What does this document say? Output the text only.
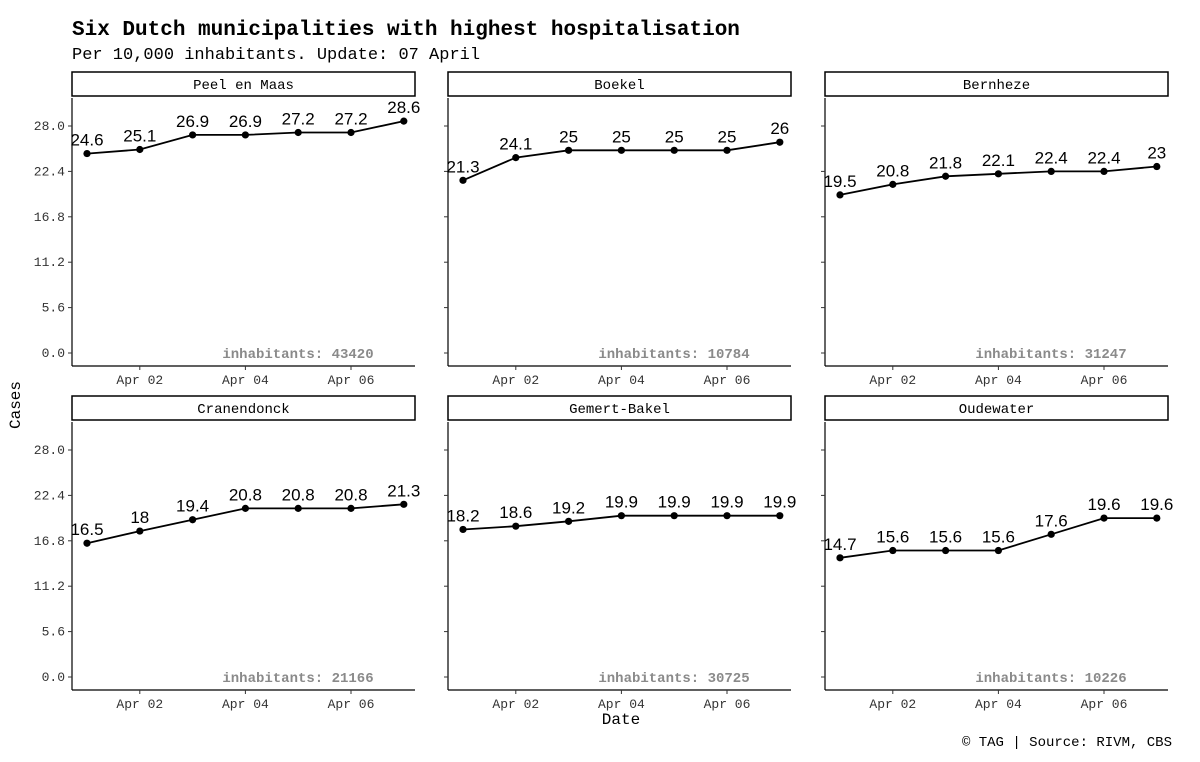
Six Dutch municipalities with highest hospitalisation
Per 10,000 inhabitants. Update: 07 April
Peel en Maas
0.0
5.6
11.2
16.8
22.4
28.0
Apr 02	Apr 04	Apr 06
inhabitants: 43420
24.6 25.1
26.9 26.9 27.2 27.2
28.6
Boekel
Apr 02	Apr 04	Apr 06
inhabitants: 10784
21.3
24.1 25 25 25 25 26
Bernheze
Apr 02	Apr 04	Apr 06
inhabitants: 31247
19.5
20.8 21.8 22.1 22.4 22.4 23
Cranendonck
0.0
5.6
11.2
16.8
22.4
28.0
Apr 02	Apr 04	Apr 06
inhabitants: 21166
16.5
18
19.4
20.8 20.8 20.8 21.3
Gemert-Bakel
Apr 02	Apr 04	Apr 06
inhabitants: 30725
18.2 18.6 19.2 19.9 19.9 19.9 19.9
Oudewater
Apr 02	Apr 04	Apr 06
inhabitants: 10226
14.7 15.6 15.6 15.6
17.6
19.6 19.6
Date
Cases
© TAG | Source: RIVM, CBS
